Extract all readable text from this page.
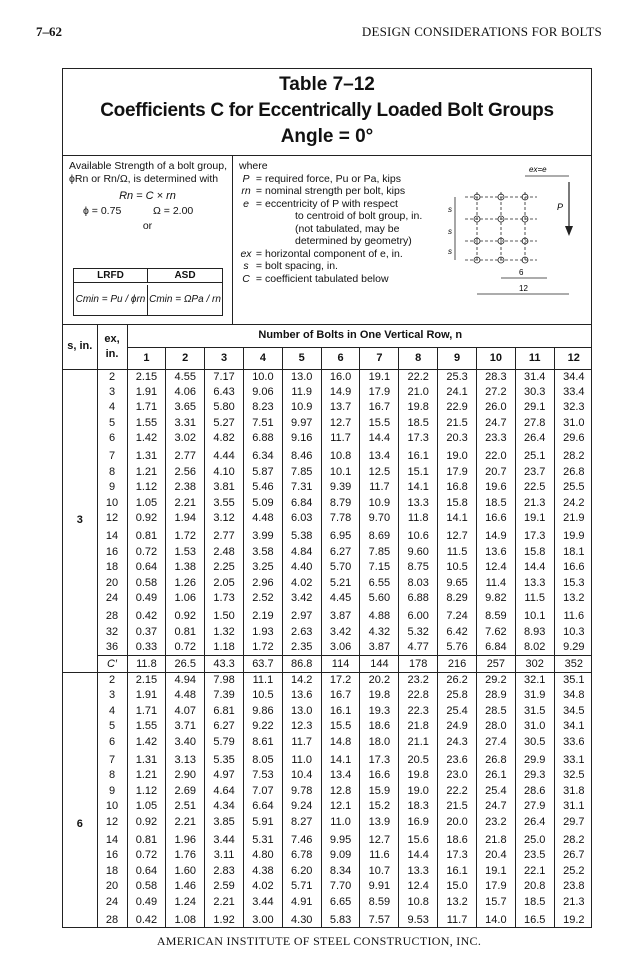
7–62	DESIGN CONSIDERATIONS FOR BOLTS
Table 7–12
Coefficients C for Eccentrically Loaded Bolt Groups
Angle = 0°
Available Strength of a bolt group,
ϕRn or Rn/Ω, is determined with
Rn = C × rn
ϕ = 0.75	Ω = 2.00
or
LRFD	ASD
Cmin = Pu / ϕrn Cmin = ΩPa / rn
where
P = required force, Pu or Pa, kips
rn = nominal strength per bolt, kips
e = eccentricity of P with respect
to centroid of bolt group, in.
(not tabulated, may be
determined by geometry)
ex = horizontal component of e, in.
s = bolt spacing, in.
C = coefficient tabulated below
ex=e
P
s
s
s
6
12
s, in.	ex, in.	Number of Bolts in One Vertical Row, n											
		1	2	3	4	5	6	7	8	9	10	11	12
3	2	2.15	4.55	7.17	10.0	13.0	16.0	19.1	22.2	25.3	28.3	31.4	34.4
	3	1.91	4.06	6.43	9.06	11.9	14.9	17.9	21.0	24.1	27.2	30.3	33.4
	4	1.71	3.65	5.80	8.23	10.9	13.7	16.7	19.8	22.9	26.0	29.1	32.3
	5	1.55	3.31	5.27	7.51	9.97	12.7	15.5	18.5	21.5	24.7	27.8	31.0
	6	1.42	3.02	4.82	6.88	9.16	11.7	14.4	17.3	20.3	23.3	26.4	29.6
	7	1.31	2.77	4.44	6.34	8.46	10.8	13.4	16.1	19.0	22.0	25.1	28.2
	8	1.21	2.56	4.10	5.87	7.85	10.1	12.5	15.1	17.9	20.7	23.7	26.8
	9	1.12	2.38	3.81	5.46	7.31	9.39	11.7	14.1	16.8	19.6	22.5	25.5
	10	1.05	2.21	3.55	5.09	6.84	8.79	10.9	13.3	15.8	18.5	21.3	24.2
	12	0.92	1.94	3.12	4.48	6.03	7.78	9.70	11.8	14.1	16.6	19.1	21.9
	14	0.81	1.72	2.77	3.99	5.38	6.95	8.69	10.6	12.7	14.9	17.3	19.9
	16	0.72	1.53	2.48	3.58	4.84	6.27	7.85	9.60	11.5	13.6	15.8	18.1
	18	0.64	1.38	2.25	3.25	4.40	5.70	7.15	8.75	10.5	12.4	14.4	16.6
	20	0.58	1.26	2.05	2.96	4.02	5.21	6.55	8.03	9.65	11.4	13.3	15.3
	24	0.49	1.06	1.73	2.52	3.42	4.45	5.60	6.88	8.29	9.82	11.5	13.2
	28	0.42	0.92	1.50	2.19	2.97	3.87	4.88	6.00	7.24	8.59	10.1	11.6
	32	0.37	0.81	1.32	1.93	2.63	3.42	4.32	5.32	6.42	7.62	8.93	10.3
	36	0.33	0.72	1.18	1.72	2.35	3.06	3.87	4.77	5.76	6.84	8.02	9.29
	C′	11.8	26.5	43.3	63.7	86.8	114	144	178	216	257	302	352
6	2	2.15	4.94	7.98	11.1	14.2	17.2	20.2	23.2	26.2	29.2	32.1	35.1
	3	1.91	4.48	7.39	10.5	13.6	16.7	19.8	22.8	25.8	28.9	31.9	34.8
	4	1.71	4.07	6.81	9.86	13.0	16.1	19.3	22.3	25.4	28.5	31.5	34.5
	5	1.55	3.71	6.27	9.22	12.3	15.5	18.6	21.8	24.9	28.0	31.0	34.1
	6	1.42	3.40	5.79	8.61	11.7	14.8	18.0	21.1	24.3	27.4	30.5	33.6
	7	1.31	3.13	5.35	8.05	11.0	14.1	17.3	20.5	23.6	26.8	29.9	33.1
	8	1.21	2.90	4.97	7.53	10.4	13.4	16.6	19.8	23.0	26.1	29.3	32.5
	9	1.12	2.69	4.64	7.07	9.78	12.8	15.9	19.0	22.2	25.4	28.6	31.8
	10	1.05	2.51	4.34	6.64	9.24	12.1	15.2	18.3	21.5	24.7	27.9	31.1
	12	0.92	2.21	3.85	5.91	8.27	11.0	13.9	16.9	20.0	23.2	26.4	29.7
	14	0.81	1.96	3.44	5.31	7.46	9.95	12.7	15.6	18.6	21.8	25.0	28.2
	16	0.72	1.76	3.11	4.80	6.78	9.09	11.6	14.4	17.3	20.4	23.5	26.7
	18	0.64	1.60	2.83	4.38	6.20	8.34	10.7	13.3	16.1	19.1	22.1	25.2
	20	0.58	1.46	2.59	4.02	5.71	7.70	9.91	12.4	15.0	17.9	20.8	23.8
	24	0.49	1.24	2.21	3.44	4.91	6.65	8.59	10.8	13.2	15.7	18.5	21.3
	28	0.42	1.08	1.92	3.00	4.30	5.83	7.57	9.53	11.7	14.0	16.5	19.2

AMERICAN INSTITUTE OF STEEL CONSTRUCTION, INC.
